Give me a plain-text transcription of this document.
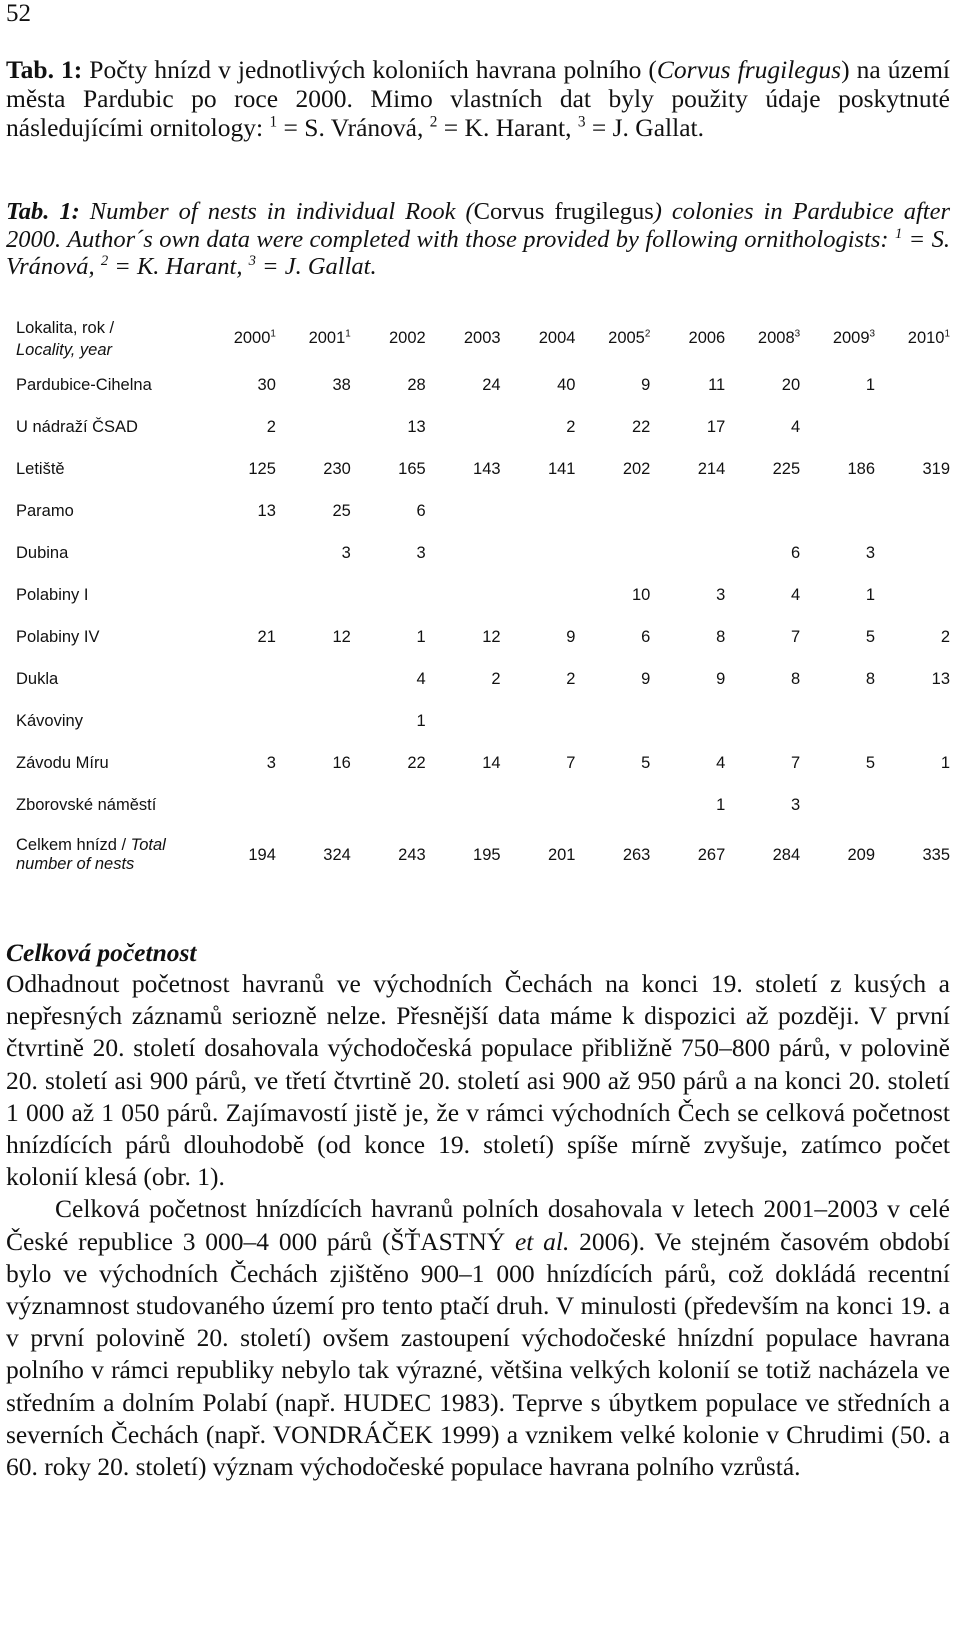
52
Tab. 1: Počty hnízd v jednotlivých koloniích havrana polního (Corvus frugilegus) na území města Pardubic po roce 2000. Mimo vlastních dat byly použity údaje poskytnuté následujícími ornitology: $^1$ = S. Vránová, $^2$ = K. Harant, $^3$ = J. Gallat.
Tab. 1: Number of nests in individual Rook (Corvus frugilegus) colonies in Pardubice after 2000. Author´s own data were completed with those provided by following ornithologists: $^1$ = S. Vránová, $^2$ = K. Harant, $^3$ = J. Gallat.
Lokalita, rok /
Locality, year	2000$^1$	2001$^1$	2002	2003	2004	2005$^2$	2006	2008$^3$	2009$^3$	2010$^1$
Pardubice-Cihelna	30	38	28	24	40	9	11	20	1	
U nádraží ČSAD	2		13		2	22	17	4		
Letiště	125	230	165	143	141	202	214	225	186	319
Paramo	13	25	6							
Dubina		3	3					6	3	
Polabiny I						10	3	4	1	
Polabiny IV	21	12	1	12	9	6	8	7	5	2
Dukla			4	2	2	9	9	8	8	13
Kávoviny			1							
Závodu Míru	3	16	22	14	7	5	4	7	5	1
Zborovské náměstí							1	3		
Celkem hnízd / Total
number of nests	194	324	243	195	201	263	267	284	209	335
Celková početnost

Odhadnout početnost havranů ve východních Čechách na konci 19. století z kusých a nepřesných záznamů seriozně nelze. Přesnější data máme k dispozici až později. V první čtvrtině 20. století dosahovala východočeská populace přibližně 750–800 párů, v polovině 20. století asi 900 párů, ve třetí čtvrtině 20. století asi 900 až 950 párů a na konci 20. století 1 000 až 1 050 párů. Zajímavostí jistě je, že v rámci východních Čech se celková početnost hnízdících párů dlouhodobě (od konce 19. století) spíše mírně zvyšuje, zatímco počet kolonií klesá (obr. 1).

Celková početnost hnízdících havranů polních dosahovala v letech 2001–2003 v celé České republice 3 000–4 000 párů (ŠŤASTNÝ et al. 2006). Ve stejném časovém období bylo ve východních Čechách zjištěno 900–1 000 hnízdících párů, což dokládá recentní významnost studovaného území pro tento ptačí druh. V minulosti (především na konci 19. a v první polovině 20. století) ovšem zastoupení východočeské hnízdní populace havrana polního v rámci republiky nebylo tak výrazné, většina velkých kolonií se totiž nacházela ve středním a dolním Polabí (např. HUDEC 1983). Teprve s úbytkem populace ve středních a severních Čechách (např. VONDRÁČEK 1999) a vznikem velké kolonie v Chrudimi (50. a 60. roky 20. století) význam východočeské populace havrana polního vzrůstá.
